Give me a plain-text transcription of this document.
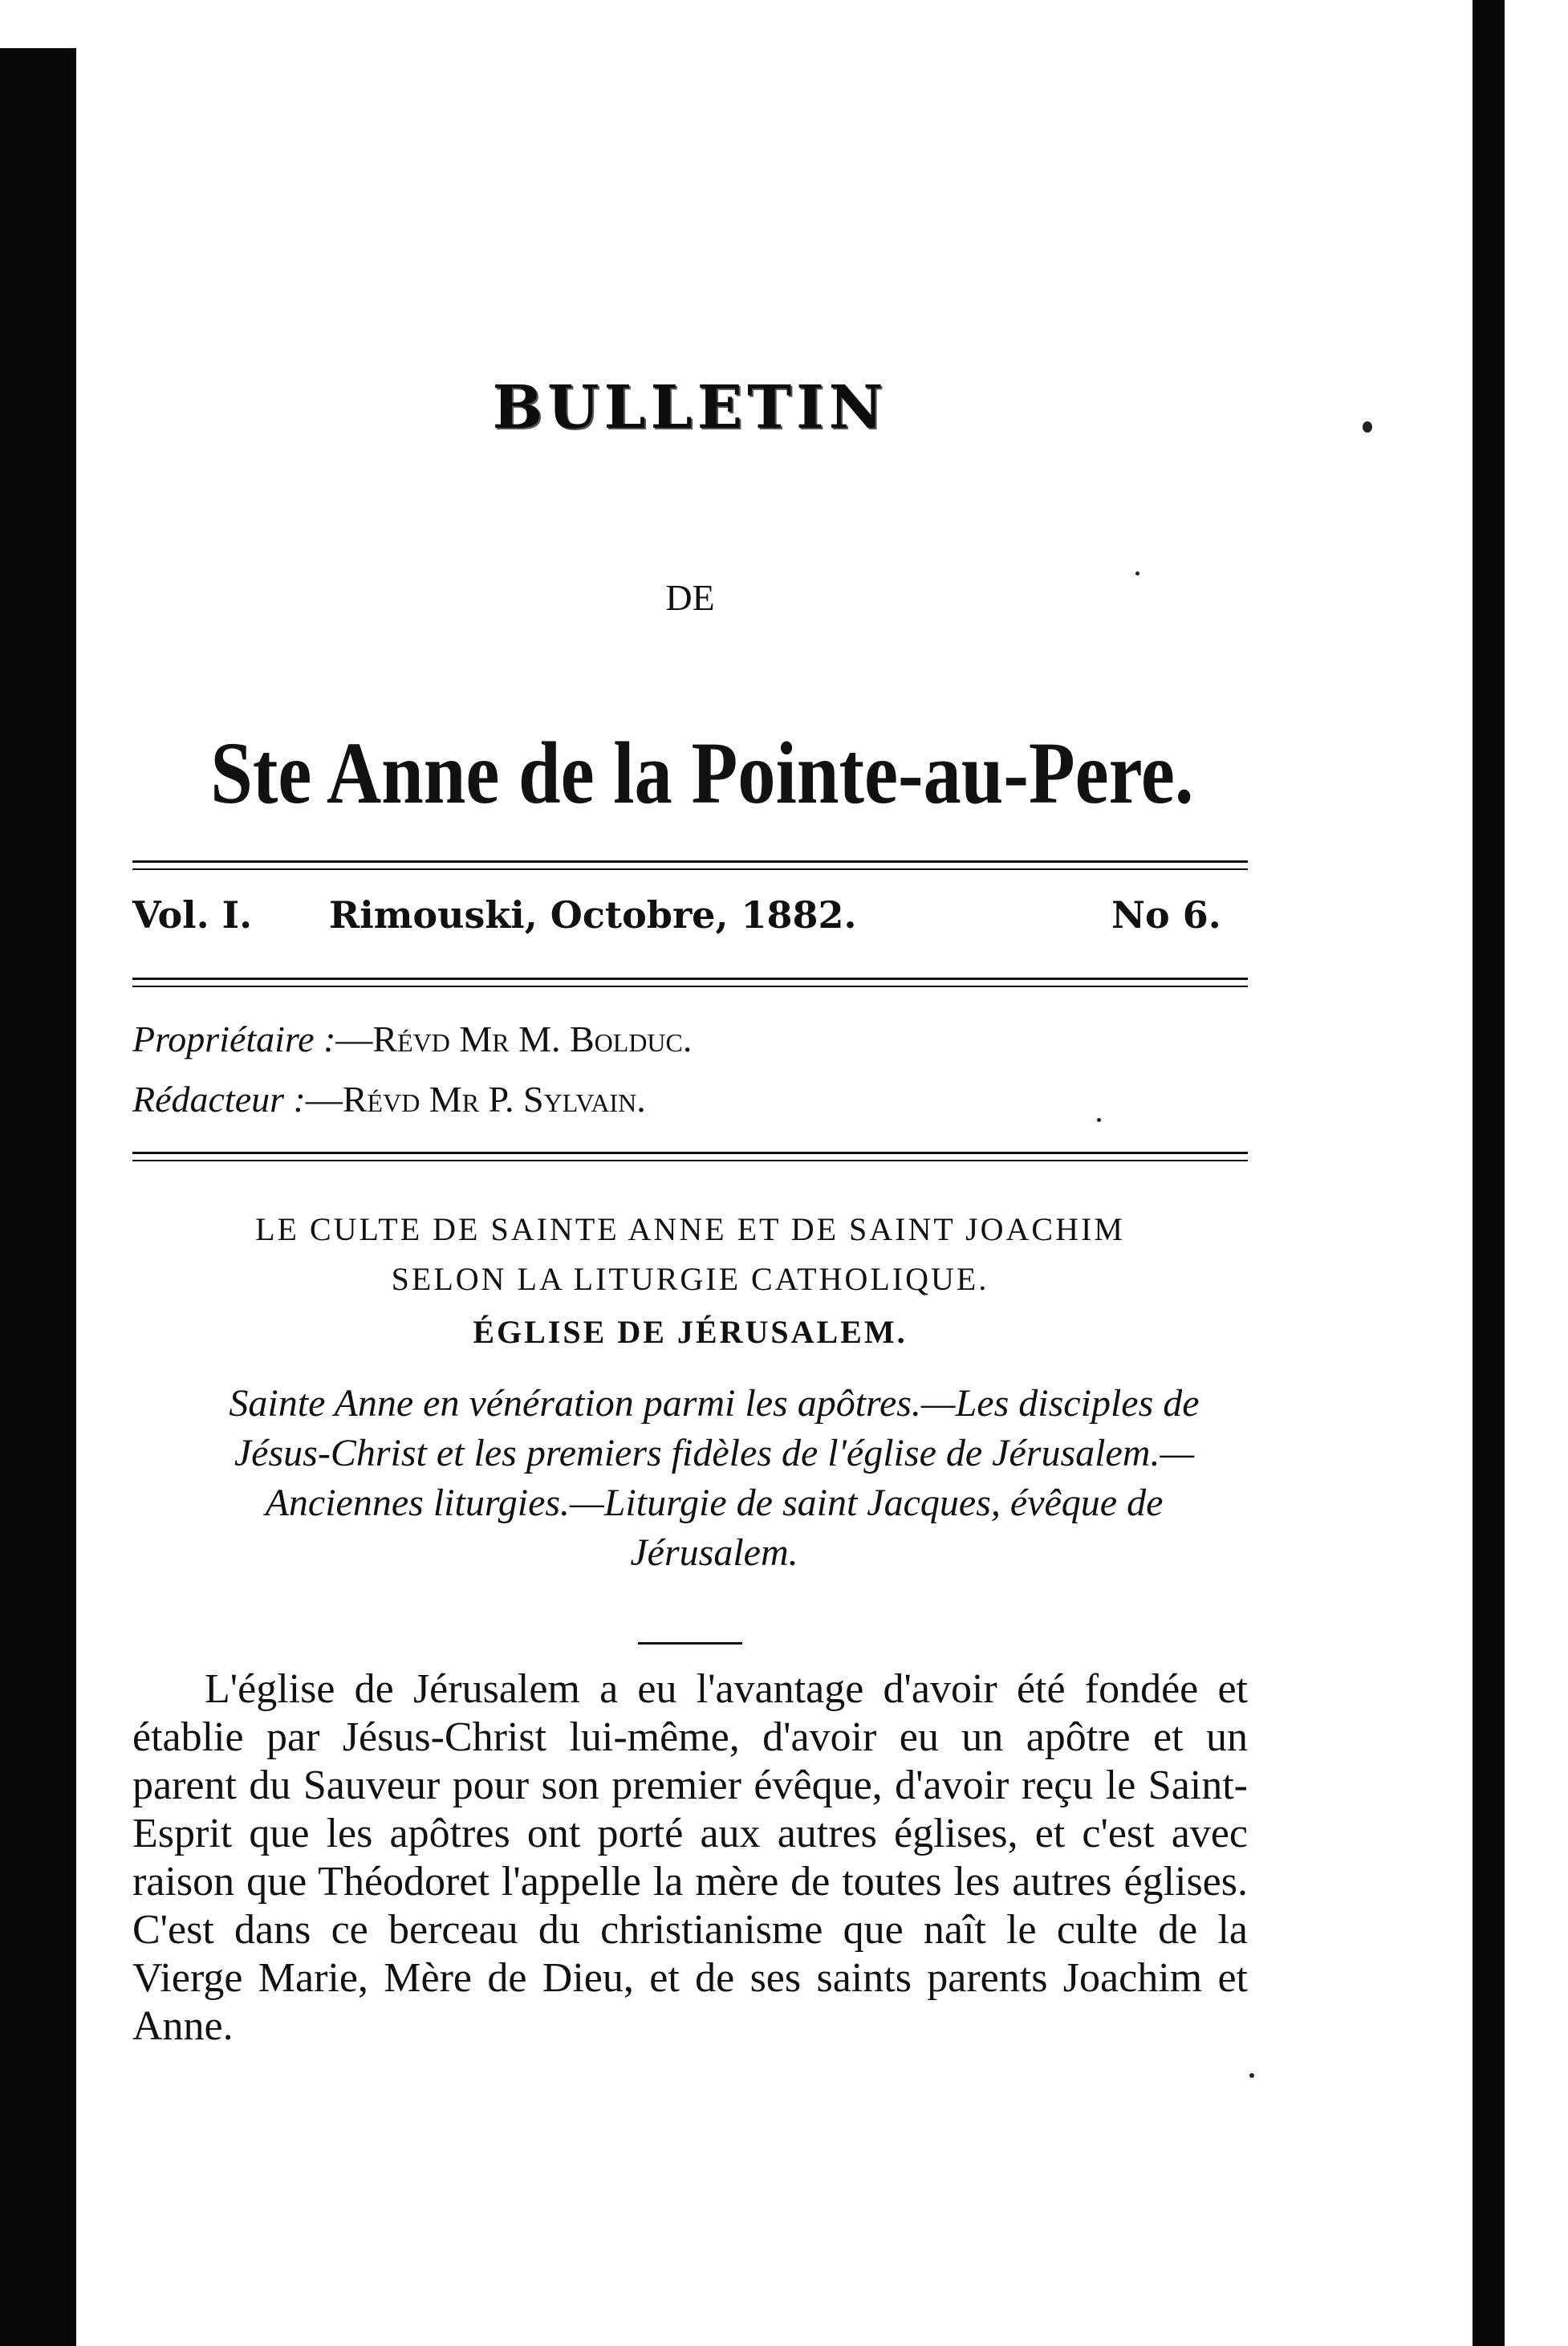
BULLETIN
DE
Ste Anne de la Pointe-au-Pere.
Vol. I. Rimouski, Octobre, 1882.	No 6.
Propriétaire :—Révd Mr M. Bolduc.
Rédacteur :—Révd Mr P. Sylvain.
LE CULTE DE SAINTE ANNE ET DE SAINT JOACHIM
SELON LA LITURGIE CATHOLIQUE.
ÉGLISE DE JÉRUSALEM.
Sainte Anne en vénération parmi les apôtres.—Les disciples de Jésus-Christ et les premiers fidèles de l'église de Jérusalem.—Anciennes liturgies.—Liturgie de saint Jacques, évêque de Jérusalem.

L'église de Jérusalem a eu l'avantage d'avoir été fondée et établie par Jésus-Christ lui-même, d'avoir eu un apôtre et un parent du Sauveur pour son premier évêque, d'avoir reçu le Saint-Esprit que les apôtres ont porté aux autres églises, et c'est avec raison que Théodoret l'appelle la mère de toutes les autres églises. C'est dans ce berceau du christianisme que naît le culte de la Vierge Marie, Mère de Dieu, et de ses saints parents Joachim et Anne.
